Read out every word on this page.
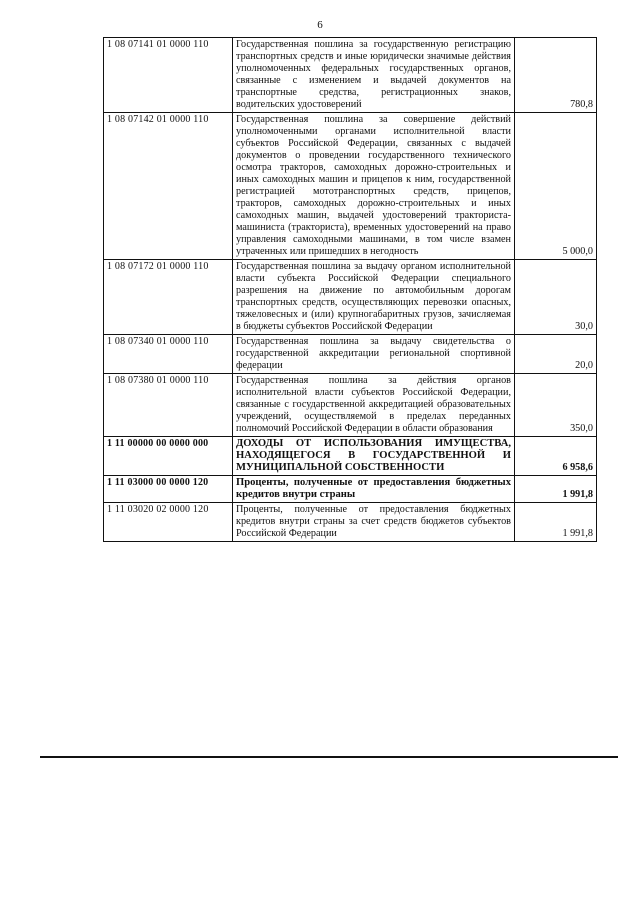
6
1 08 07141 01 0000 110	Государственная пошлина за государственную регистрацию транспортных средств и иные юридически значимые действия уполномоченных федеральных государственных органов, связанные с изменением и выдачей документов на транспортные средства, регистрационных знаков, водительских удостоверений	780,8
1 08 07142 01 0000 110	Государственная пошлина за совершение действий уполномоченными органами исполнительной власти субъектов Российской Федерации, связанных с выдачей документов о проведении государственного технического осмотра тракторов, самоходных дорожно-строительных и иных самоходных машин и прицепов к ним, государственной регистрацией мототранспортных средств, прицепов, тракторов, самоходных дорожно-строительных и иных самоходных машин, выдачей удостоверений тракториста-машиниста (тракториста), временных удостоверений на право управления самоходными машинами, в том числе взамен утраченных или пришедших в негодность	5 000,0
1 08 07172 01 0000 110	Государственная пошлина за выдачу органом исполнительной власти субъекта Российской Федерации специального разрешения на движение по автомобильным дорогам транспортных средств, осуществляющих перевозки опасных, тяжеловесных и (или) крупногабаритных грузов, зачисляемая в бюджеты субъектов Российской Федерации	30,0
1 08 07340 01 0000 110	Государственная пошлина за выдачу свидетельства о государственной аккредитации региональной спортивной федерации	20,0
1 08 07380 01 0000 110	Государственная пошлина за действия органов исполнительной власти субъектов Российской Федерации, связанные с государственной аккредитацией образовательных учреждений, осуществляемой в пределах переданных полномочий Российской Федерации в области образования	350,0
1 11 00000 00 0000 000	ДОХОДЫ ОТ ИСПОЛЬЗОВАНИЯ ИМУЩЕСТВА, НАХОДЯЩЕГОСЯ В ГОСУДАРСТВЕННОЙ И МУНИЦИПАЛЬНОЙ СОБСТВЕННОСТИ	6 958,6
1 11 03000 00 0000 120	Проценты, полученные от предоставления бюджетных кредитов внутри страны	1 991,8
1 11 03020 02 0000 120	Проценты, полученные от предоставления бюджетных кредитов внутри страны за счет средств бюджетов субъектов Российской Федерации	1 991,8
